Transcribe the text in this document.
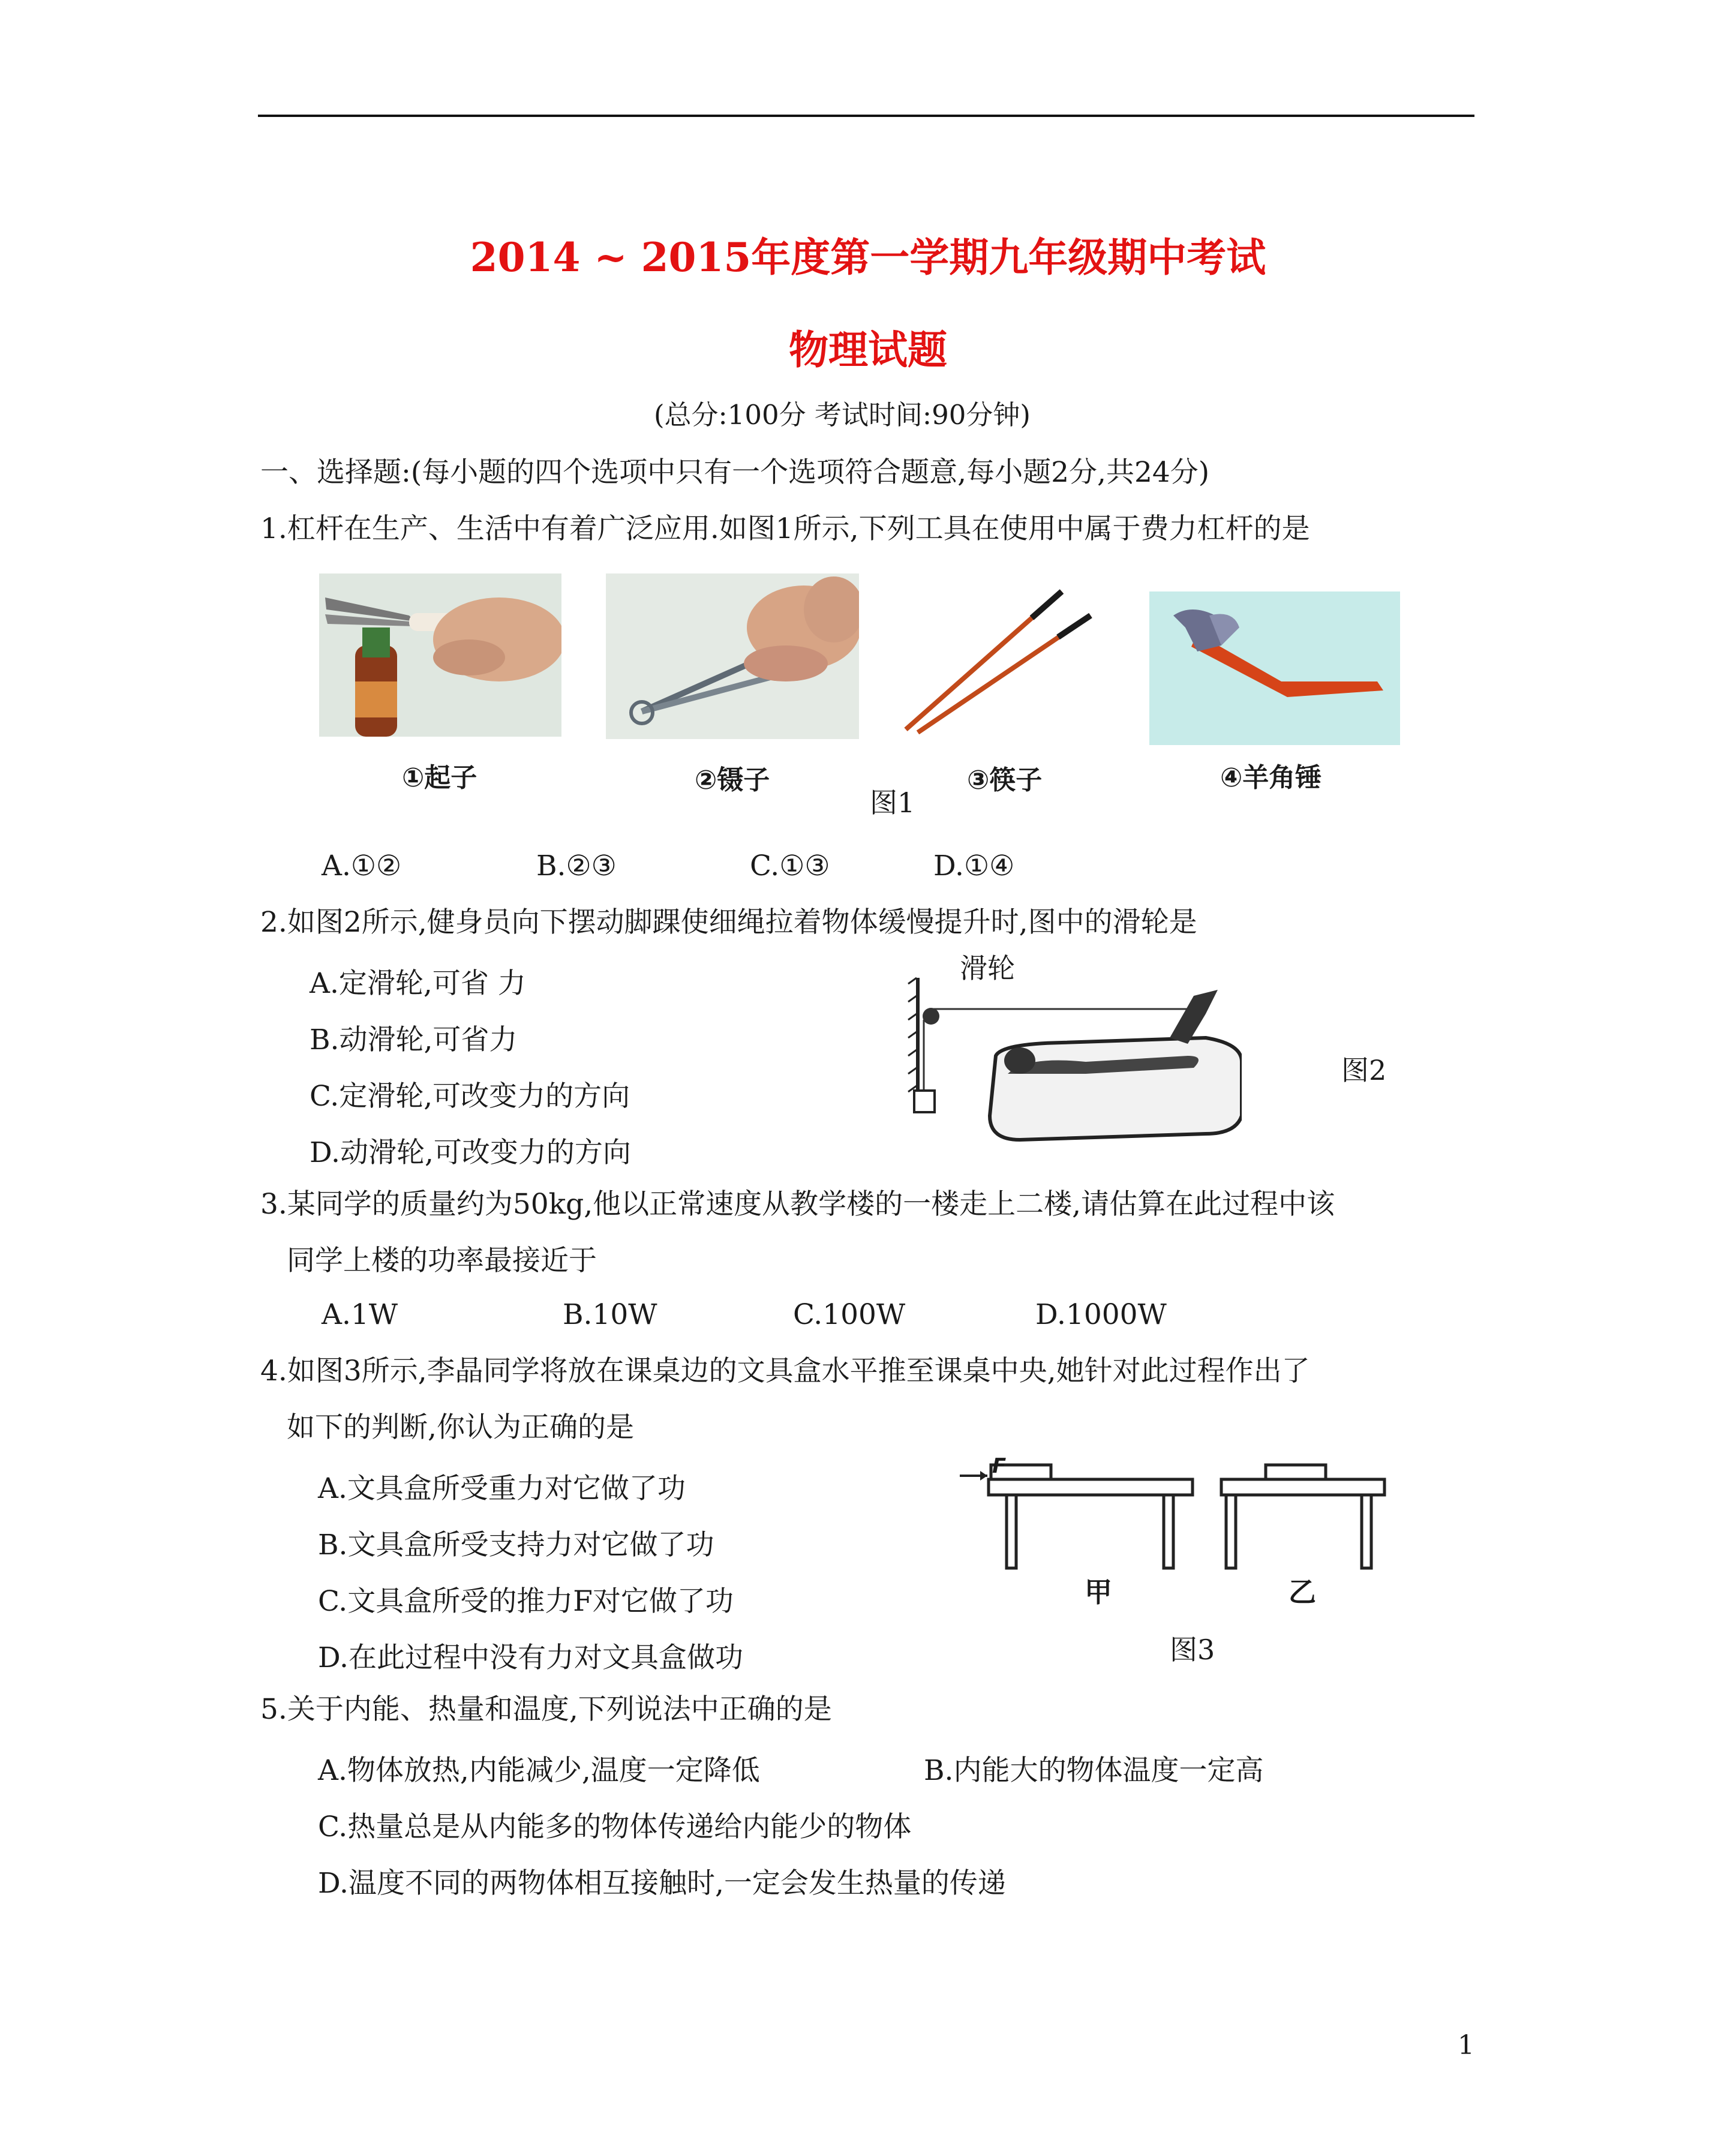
2014 ~ 2015年度第一学期九年级期中考试
物理试题
(总分:100分 考试时间:90分钟)
一、选择题:(每小题的四个选项中只有一个选项符合题意,每小题2分,共24分)
1.杠杆在生产、生活中有着广泛应用.如图1所示,下列工具在使用中属于费力杠杆的是
①起子	②镊子	③筷子	④羊角锤
图1
A.①②	B.②③	C.①③	D.①④
2.如图2所示,健身员向下摆动脚踝使细绳拉着物体缓慢提升时,图中的滑轮是
A.定滑轮,可省 力
B.动滑轮,可省力
C.定滑轮,可改变力的方向
D.动滑轮,可改变力的方向
滑轮
图2
3.某同学的质量约为50kg,他以正常速度从教学楼的一楼走上二楼,请估算在此过程中该
同学上楼的功率最接近于
A.1W	B.10W	C.100W	D.1000W
4.如图3所示,李晶同学将放在课桌边的文具盒水平推至课桌中央,她针对此过程作出了
如下的判断,你认为正确的是
A.文具盒所受重力对它做了功
B.文具盒所受支持力对它做了功
C.文具盒所受的推力F对它做了功
D.在此过程中没有力对文具盒做功
F
甲	乙
图3
5.关于内能、热量和温度,下列说法中正确的是
A.物体放热,内能减少,温度一定降低	B.内能大的物体温度一定高
C.热量总是从内能多的物体传递给内能少的物体
D.温度不同的两物体相互接触时,一定会发生热量的传递
1
